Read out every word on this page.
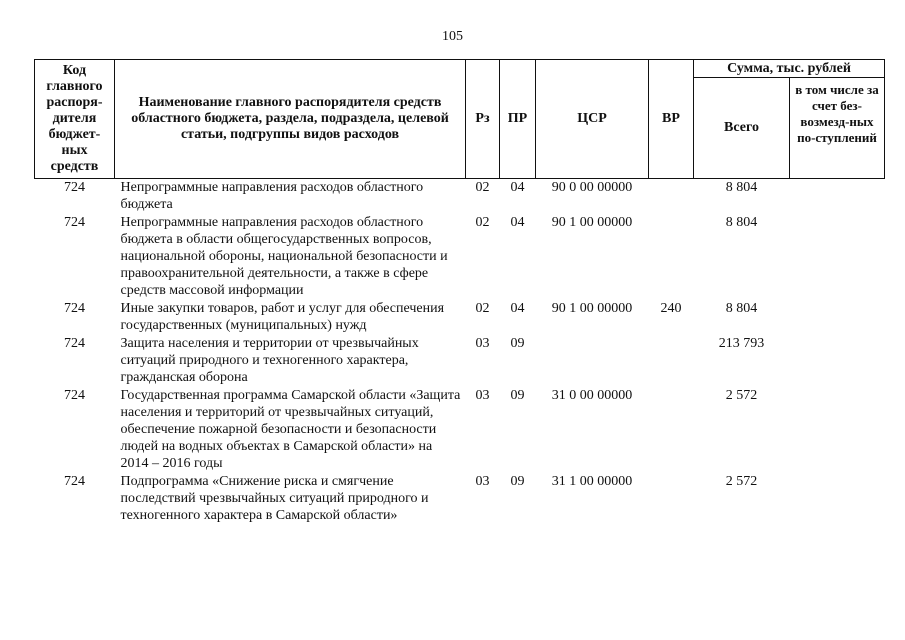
105
Код главного распоря-дителя бюджет-ных средств	Наименование главного распорядителя средств областного бюджета, раздела, подраздела, целевой статьи, подгруппы видов расходов	Рз	ПР	ЦСР	ВР	Сумма, тыс. рублей	
						Всего	в том числе за счет без-возмезд-ных по-ступлений
724	Непрограммные направления расходов областного бюджета	02	04	90 0 00 00000		8 804	
724	Непрограммные направления расходов областного бюджета в области общегосударственных вопросов, национальной обороны, национальной безопасности и правоохранительной деятельности, а также в сфере средств массовой информации	02	04	90 1 00 00000		8 804	
724	Иные закупки товаров, работ и услуг для обеспечения государственных (муниципальных) нужд	02	04	90 1 00 00000	240	8 804	
724	Защита населения и территории от чрезвычайных ситуаций природного и техногенного характера, гражданская оборона	03	09			213 793	
724	Государственная программа Самарской области «Защита населения и территорий от чрезвычайных ситуаций, обеспечение пожарной безопасности и безопасности людей на водных объектах в Самарской области» на 2014 – 2016 годы	03	09	31 0 00 00000		2 572	
724	Подпрограмма «Снижение риска и смягчение последствий чрезвычайных ситуаций природного и техногенного характера в Самарской области»	03	09	31 1 00 00000		2 572	
